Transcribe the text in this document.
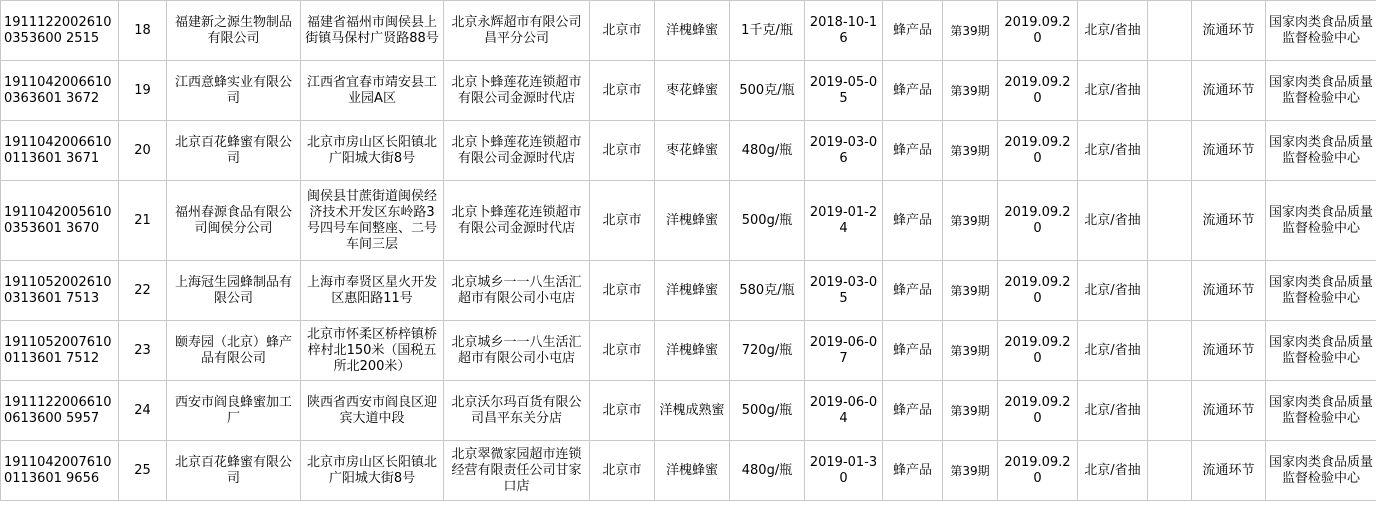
19111220026100353600 2515	18	福建新之源生物制品有限公司	福建省福州市闽侯县上街镇马保村广贤路88号	北京永辉超市有限公司昌平分公司	北京市	洋槐蜂蜜	1千克/瓶	2018-10-16	蜂产品	第39期	2019.09.20	北京/省抽		流通环节	国家肉类食品质量监督检验中心
19110420066100363601 3672	19	江西意蜂实业有限公司	江西省宜春市靖安县工业园A区	北京卜蜂莲花连锁超市有限公司金源时代店	北京市	枣花蜂蜜	500克/瓶	2019-05-05	蜂产品	第39期	2019.09.20	北京/省抽		流通环节	国家肉类食品质量监督检验中心
19110420066100113601 3671	20	北京百花蜂蜜有限公司	北京市房山区长阳镇北广阳城大街8号	北京卜蜂莲花连锁超市有限公司金源时代店	北京市	枣花蜂蜜	480g/瓶	2019-03-06	蜂产品	第39期	2019.09.20	北京/省抽		流通环节	国家肉类食品质量监督检验中心
19110420056100353601 3670	21	福州春源食品有限公司闽侯分公司	闽侯县甘蔗街道闽侯经济技术开发区东岭路3号四号车间整座、二号车间三层	北京卜蜂莲花连锁超市有限公司金源时代店	北京市	洋槐蜂蜜	500g/瓶	2019-01-24	蜂产品	第39期	2019.09.20	北京/省抽		流通环节	国家肉类食品质量监督检验中心
19110520026100313601 7513	22	上海冠生园蜂制品有限公司	上海市奉贤区星火开发区惠阳路11号	北京城乡一一八生活汇超市有限公司小屯店	北京市	洋槐蜂蜜	580克/瓶	2019-03-05	蜂产品	第39期	2019.09.20	北京/省抽		流通环节	国家肉类食品质量监督检验中心
19110520076100113601 7512	23	颐寿园（北京）蜂产品有限公司	北京市怀柔区桥梓镇桥梓村北150米（国税五所北200米）	北京城乡一一八生活汇超市有限公司小屯店	北京市	洋槐蜂蜜	720g/瓶	2019-06-07	蜂产品	第39期	2019.09.20	北京/省抽		流通环节	国家肉类食品质量监督检验中心
19111220066100613600 5957	24	西安市阎良蜂蜜加工厂	陕西省西安市阎良区迎宾大道中段	北京沃尔玛百货有限公司昌平东关分店	北京市	洋槐成熟蜜	500g/瓶	2019-06-04	蜂产品	第39期	2019.09.20	北京/省抽		流通环节	国家肉类食品质量监督检验中心
19110420076100113601 9656	25	北京百花蜂蜜有限公司	北京市房山区长阳镇北广阳城大街8号	北京翠微家园超市连锁经营有限责任公司甘家口店	北京市	洋槐蜂蜜	480g/瓶	2019-01-30	蜂产品	第39期	2019.09.20	北京/省抽		流通环节	国家肉类食品质量监督检验中心
